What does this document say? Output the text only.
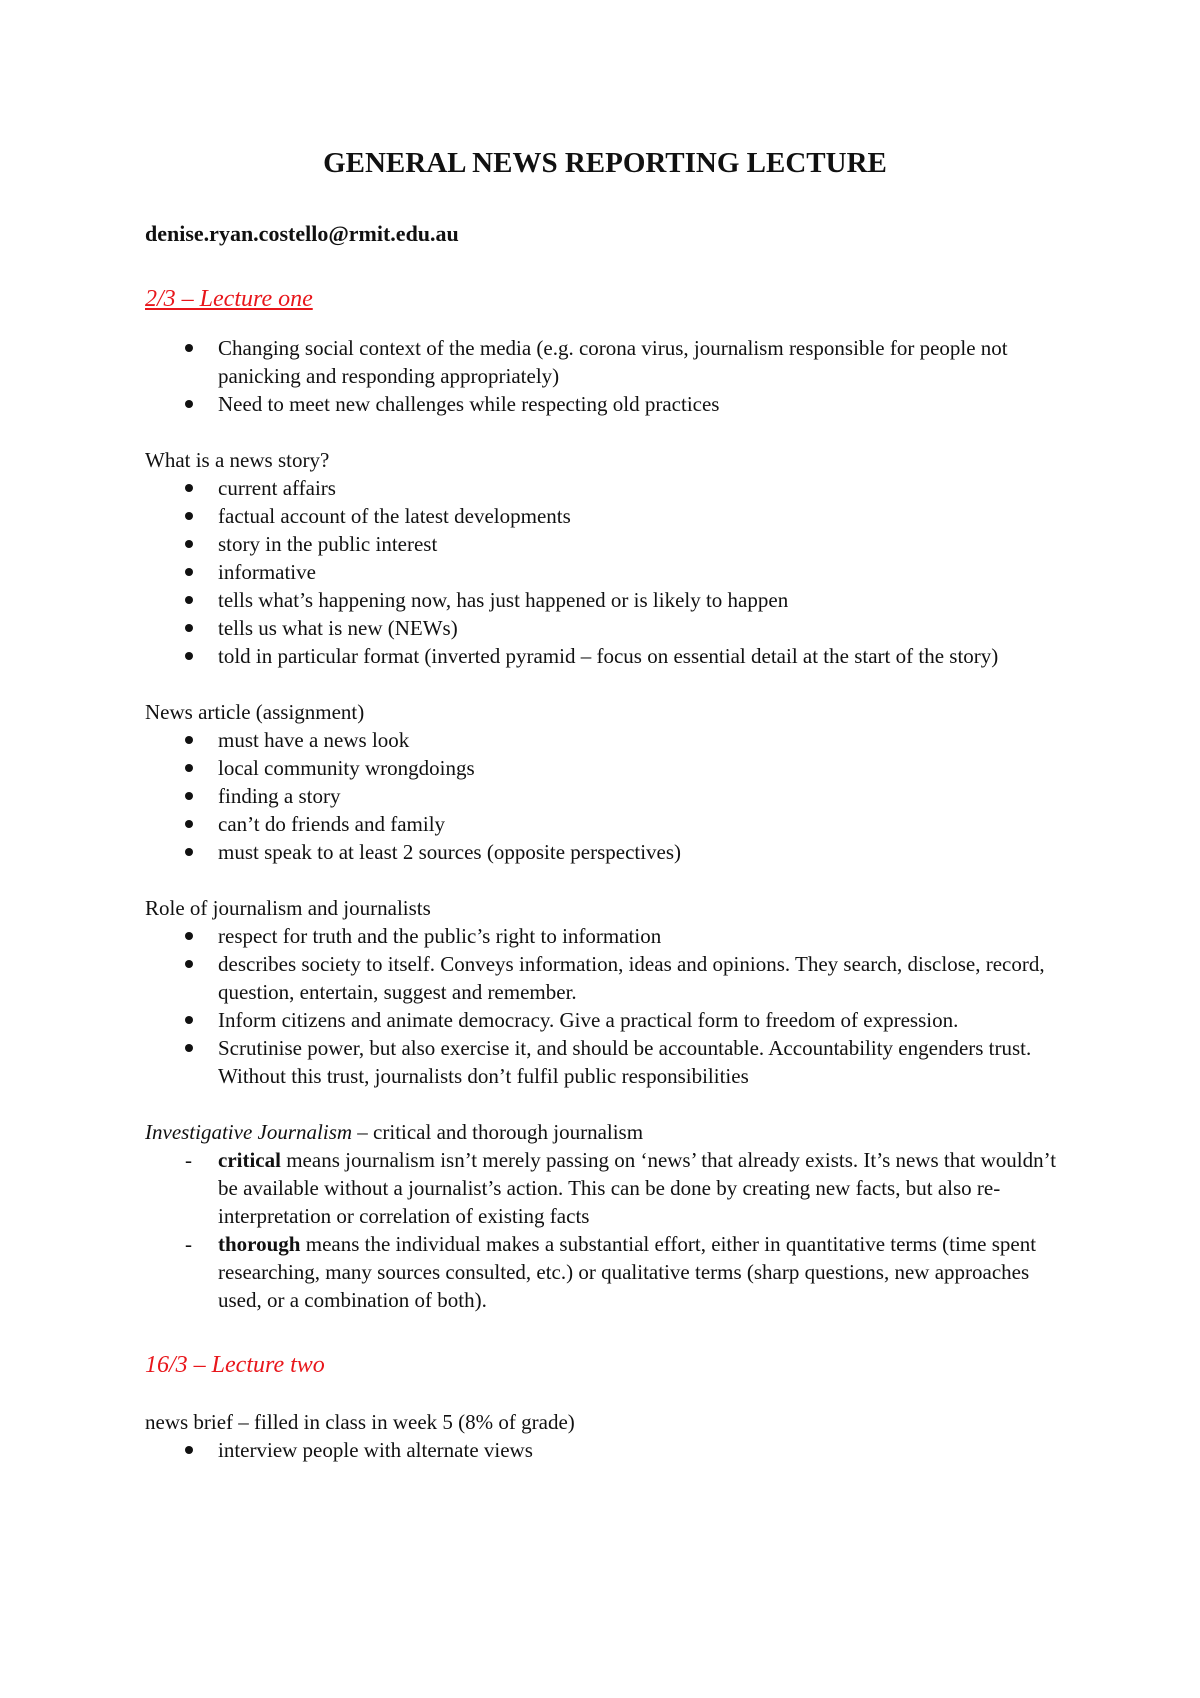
GENERAL NEWS REPORTING LECTURE
denise.ryan.costello@rmit.edu.au
2/3 – Lecture one
Changing social context of the media (e.g. corona virus, journalism responsible for people not panicking and responding appropriately)
Need to meet new challenges while respecting old practices
What is a news story?
current affairs
factual account of the latest developments
story in the public interest
informative
tells what’s happening now, has just happened or is likely to happen
tells us what is new (NEWs)
told in particular format (inverted pyramid – focus on essential detail at the start of the story)
News article (assignment)
must have a news look
local community wrongdoings
finding a story
can’t do friends and family
must speak to at least 2 sources (opposite perspectives)
Role of journalism and journalists
respect for truth and the public’s right to information
describes society to itself. Conveys information, ideas and opinions. They search, disclose, record, question, entertain, suggest and remember.
Inform citizens and animate democracy. Give a practical form to freedom of expression.
Scrutinise power, but also exercise it, and should be accountable. Accountability engenders trust. Without this trust, journalists don’t fulfil public responsibilities
Investigative Journalism – critical and thorough journalism
- critical means journalism isn’t merely passing on ‘news’ that already exists. It’s news that wouldn’t be available without a journalist’s action. This can be done by creating new facts, but also re-interpretation or correlation of existing facts
- thorough means the individual makes a substantial effort, either in quantitative terms (time spent researching, many sources consulted, etc.) or qualitative terms (sharp questions, new approaches used, or a combination of both).
16/3 – Lecture two
news brief – filled in class in week 5 (8% of grade)
interview people with alternate views
